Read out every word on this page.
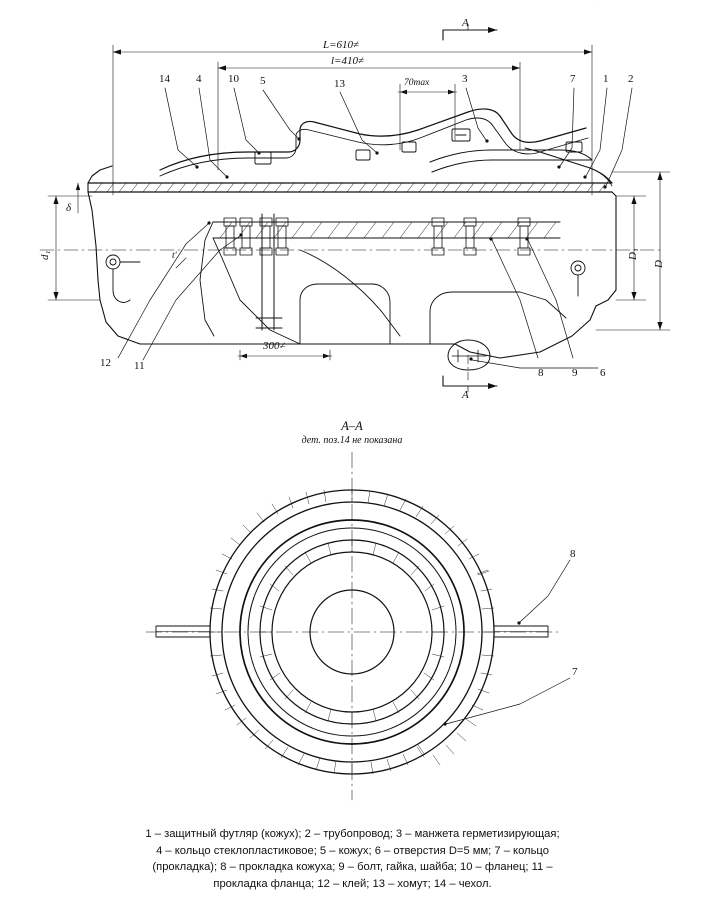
L=610≠
l=410≠
70max
300≠
A
A
δ
d₁	D₁
D
t'
14 4 10 5	13	3	7	1 2
12 11
6
8	9
A–A
дет. поз.14 не показана
8
7
1 – защитный футляр (кожух); 2 – трубопровод; 3 – манжета герметизирующая;
4 – кольцо стеклопластиковое; 5 – кожух; 6 – отверстия D=5 мм; 7 – кольцо
(прокладка); 8 – прокладка кожуха; 9 – болт, гайка, шайба; 10 – фланец; 11 –
прокладка фланца; 12 – клей; 13 – хомут; 14 – чехол.
